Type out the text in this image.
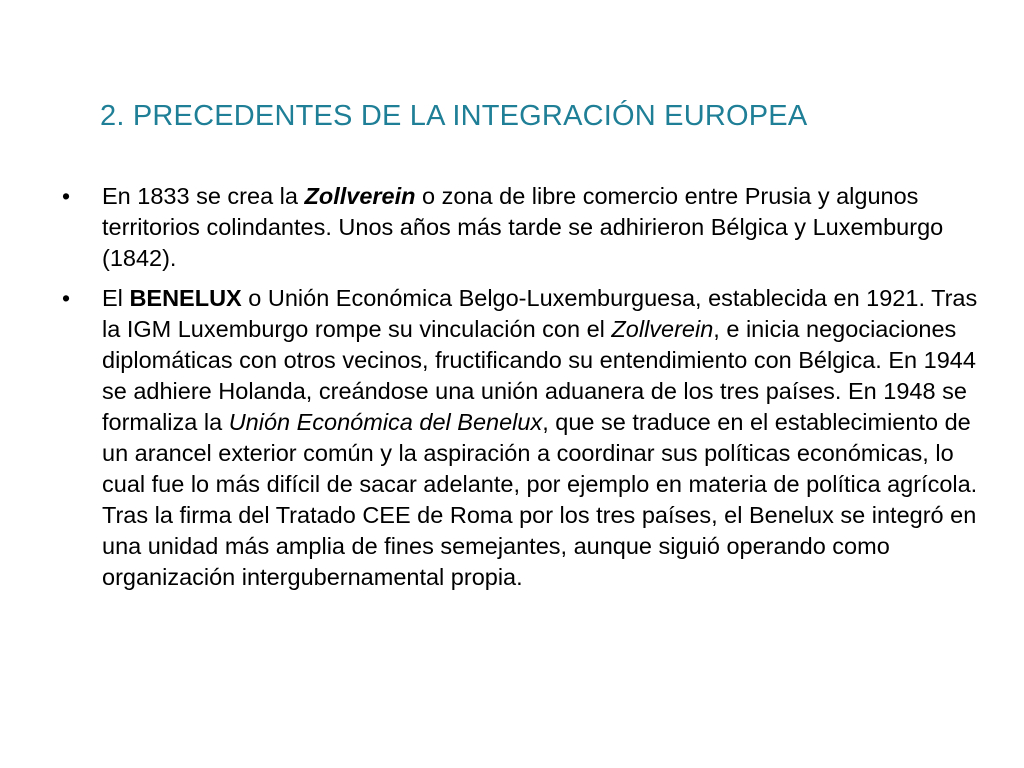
2. PRECEDENTES DE LA INTEGRACIÓN EUROPEA
• En 1833 se crea la Zollverein o zona de libre comercio entre Prusia y algunos territorios colindantes. Unos años más tarde se adhirieron Bélgica y Luxemburgo (1842).
• El BENELUX o Unión Económica Belgo-Luxemburguesa, establecida en 1921. Tras la IGM Luxemburgo rompe su vinculación con el Zollverein, e inicia negociaciones diplomáticas con otros vecinos, fructificando su entendimiento con Bélgica. En 1944 se adhiere Holanda, creándose una unión aduanera de los tres países. En 1948 se formaliza la Unión Económica del Benelux, que se traduce en el establecimiento de un arancel exterior común y la aspiración a coordinar sus políticas económicas, lo cual fue lo más difícil de sacar adelante, por ejemplo en materia de política agrícola. Tras la firma del Tratado CEE de Roma por los tres países, el Benelux se integró en una unidad más amplia de fines semejantes, aunque siguió operando como organización intergubernamental propia.
